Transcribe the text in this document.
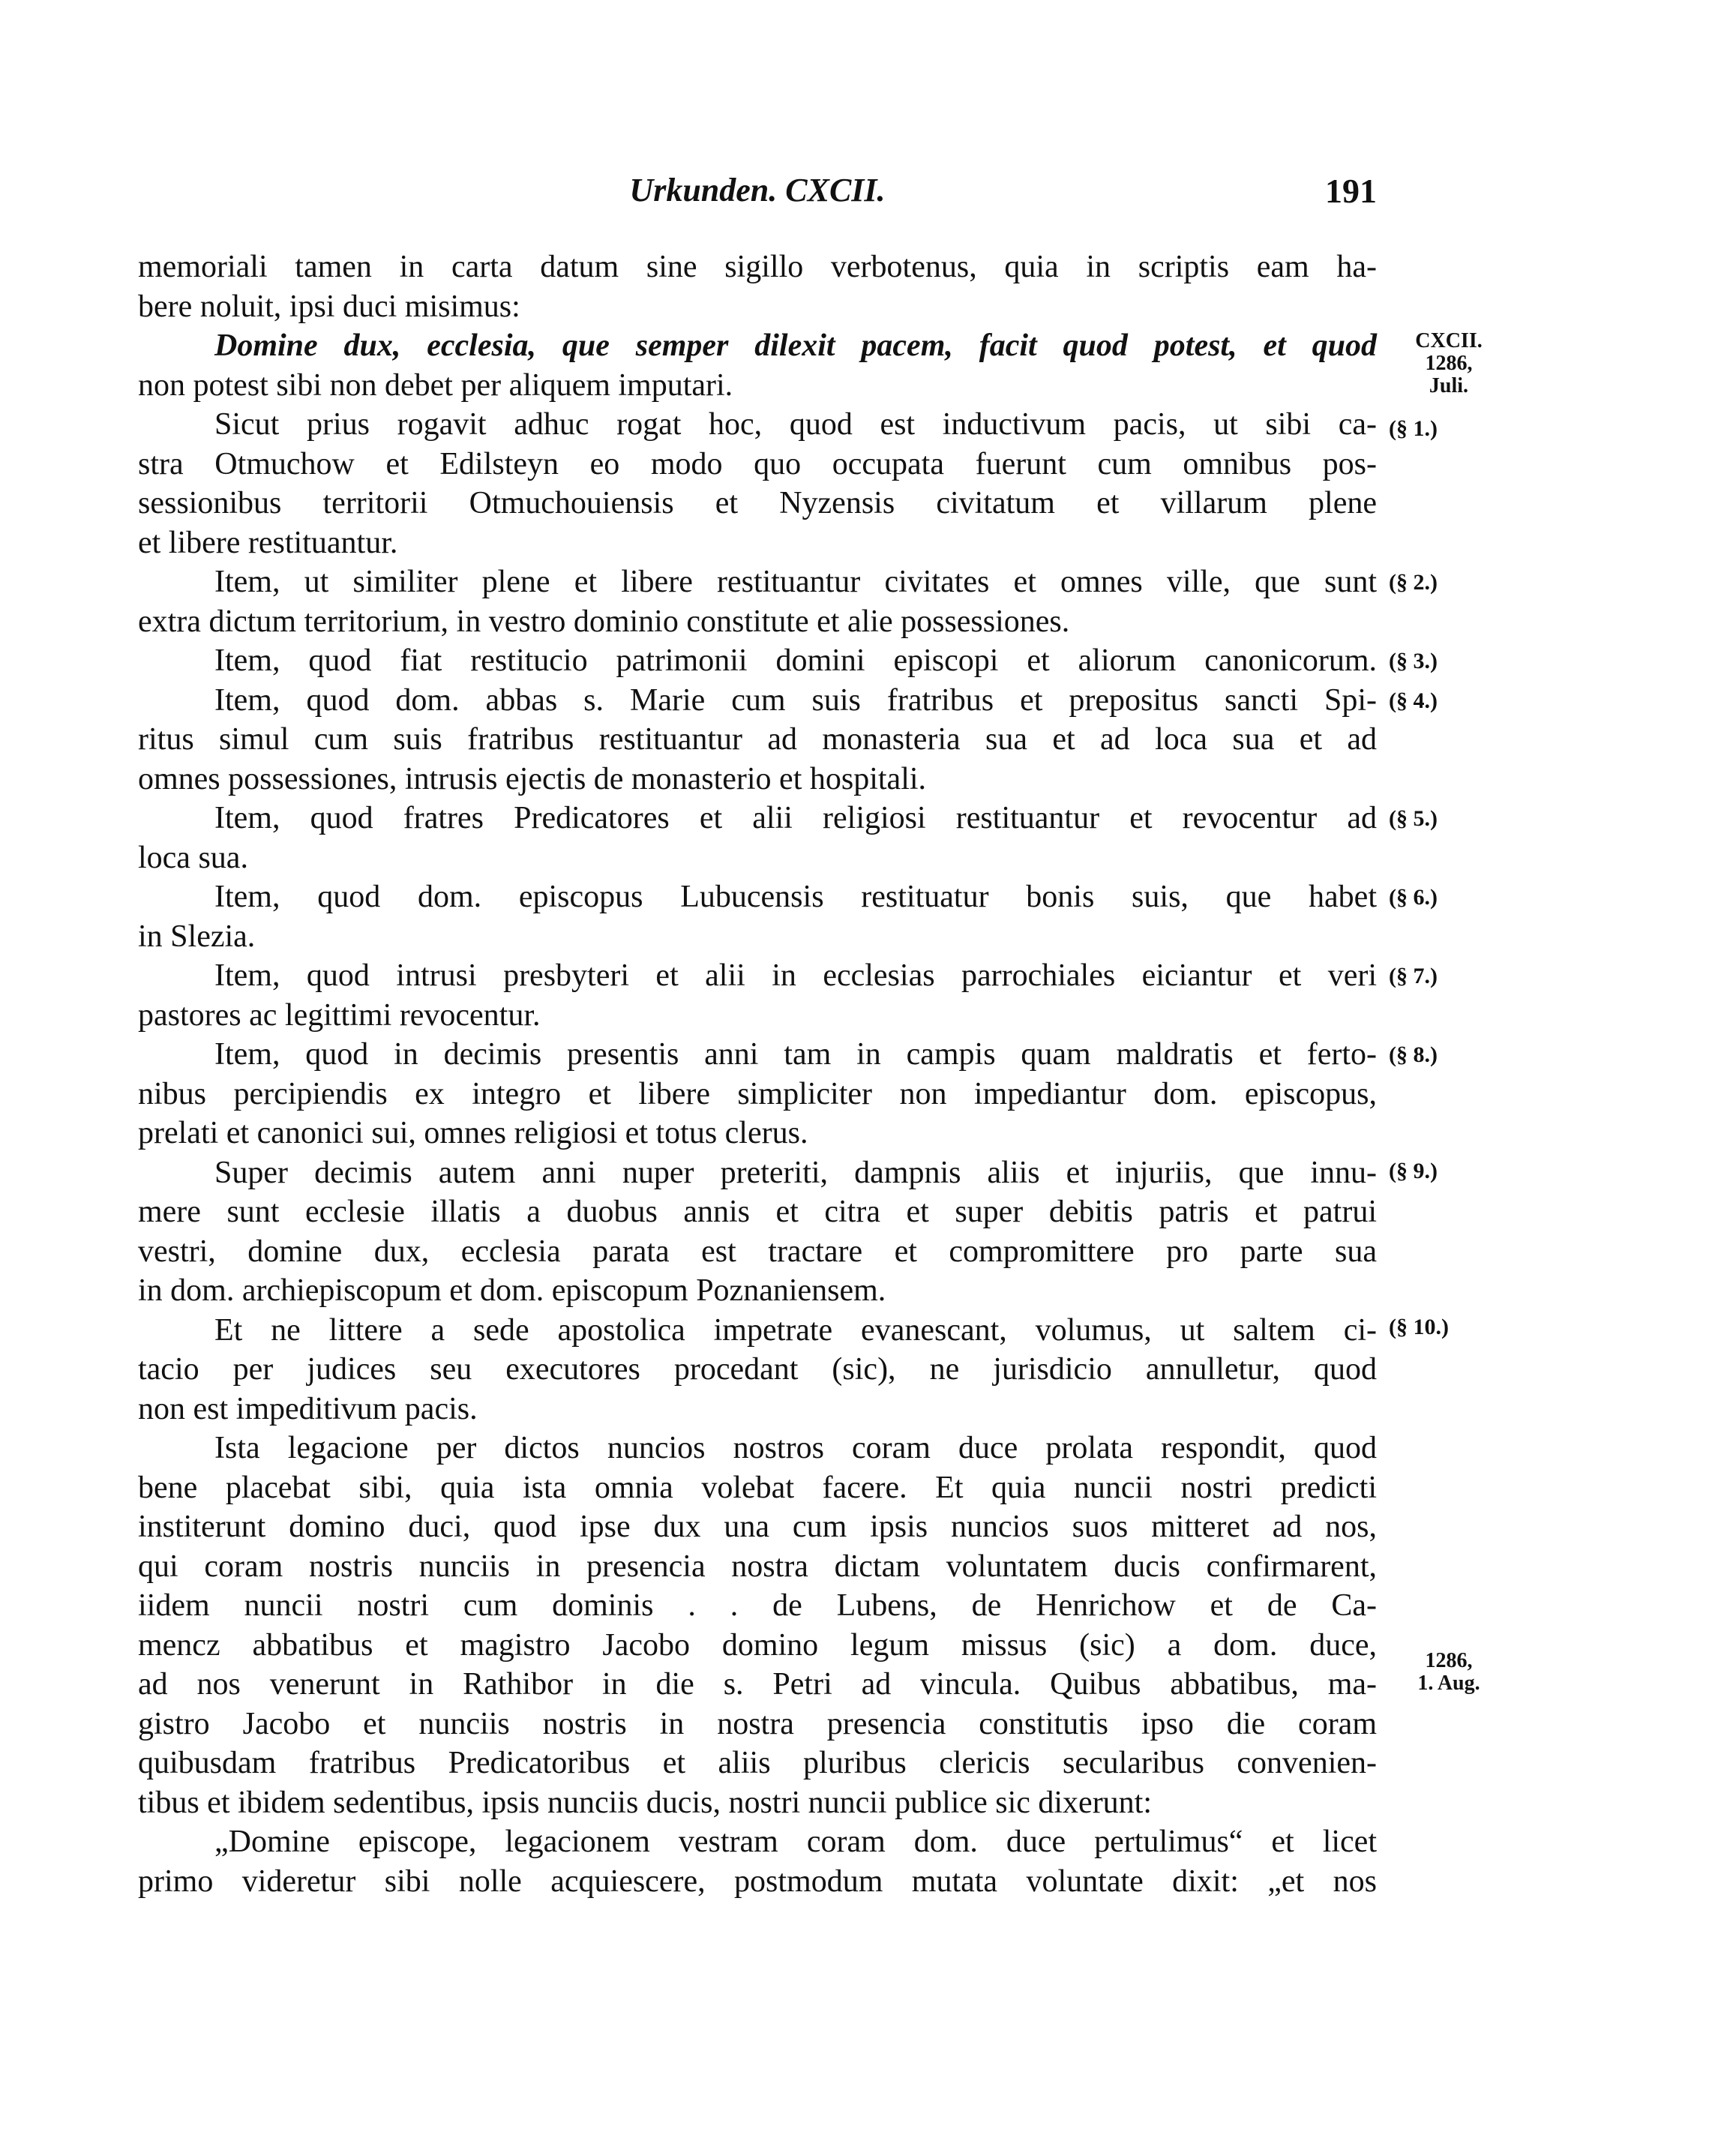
Urkunden. CXCII.	191
memoriali tamen in carta datum sine sigillo verbotenus, quia in scriptis eam ha-
bere noluit, ipsi duci misimus:
Domine dux, ecclesia, que semper dilexit pacem, facit quod potest, et quod
non potest sibi non debet per aliquem imputari.
Sicut prius rogavit adhuc rogat hoc, quod est inductivum pacis, ut sibi ca-
stra Otmuchow et Edilsteyn eo modo quo occupata fuerunt cum omnibus pos-
sessionibus territorii Otmuchouiensis et Nyzensis civitatum et villarum plene
et libere restituantur.
Item, ut similiter plene et libere restituantur civitates et omnes ville, que sunt
extra dictum territorium, in vestro dominio constitute et alie possessiones.
Item, quod fiat restitucio patrimonii domini episcopi et aliorum canonicorum.
Item, quod dom. abbas s. Marie cum suis fratribus et prepositus sancti Spi-
ritus simul cum suis fratribus restituantur ad monasteria sua et ad loca sua et ad
omnes possessiones, intrusis ejectis de monasterio et hospitali.
Item, quod fratres Predicatores et alii religiosi restituantur et revocentur ad
loca sua.
Item, quod dom. episcopus Lubucensis restituatur bonis suis, que habet
in Slezia.
Item, quod intrusi presbyteri et alii in ecclesias parrochiales eiciantur et veri
pastores ac legittimi revocentur.
Item, quod in decimis presentis anni tam in campis quam maldratis et ferto-
nibus percipiendis ex integro et libere simpliciter non impediantur dom. episcopus,
prelati et canonici sui, omnes religiosi et totus clerus.
Super decimis autem anni nuper preteriti, dampnis aliis et injuriis, que innu-
mere sunt ecclesie illatis a duobus annis et citra et super debitis patris et patrui
vestri, domine dux, ecclesia parata est tractare et compromittere pro parte sua
in dom. archiepiscopum et dom. episcopum Poznaniensem.
Et ne littere a sede apostolica impetrate evanescant, volumus, ut saltem ci-
tacio per judices seu executores procedant (sic), ne jurisdicio annulletur, quod
non est impeditivum pacis.
Ista legacione per dictos nuncios nostros coram duce prolata respondit, quod
bene placebat sibi, quia ista omnia volebat facere. Et quia nuncii nostri predicti
institerunt domino duci, quod ipse dux una cum ipsis nuncios suos mitteret ad nos,
qui coram nostris nunciis in presencia nostra dictam voluntatem ducis confirmarent,
iidem nuncii nostri cum dominis . . de Lubens, de Henrichow et de Ca-
mencz abbatibus et magistro Jacobo domino legum missus (sic) a dom. duce,
ad nos venerunt in Rathibor in die s. Petri ad vincula. Quibus abbatibus, ma-
gistro Jacobo et nunciis nostris in nostra presencia constitutis ipso die coram
quibusdam fratribus Predicatoribus et aliis pluribus clericis secularibus convenien-
tibus et ibidem sedentibus, ipsis nunciis ducis, nostri nuncii publice sic dixerunt:
„Domine episcope, legacionem vestram coram dom. duce pertulimus“ et licet
primo videretur sibi nolle acquiescere, postmodum mutata voluntate dixit: „et nos
CXCII.
1286,
Juli.
(§ 1.)
(§ 2.)
(§ 3.)
(§ 4.)
(§ 5.)
(§ 6.)
(§ 7.)
(§ 8.)
(§ 9.)
(§ 10.)
1286,
1. Aug.
